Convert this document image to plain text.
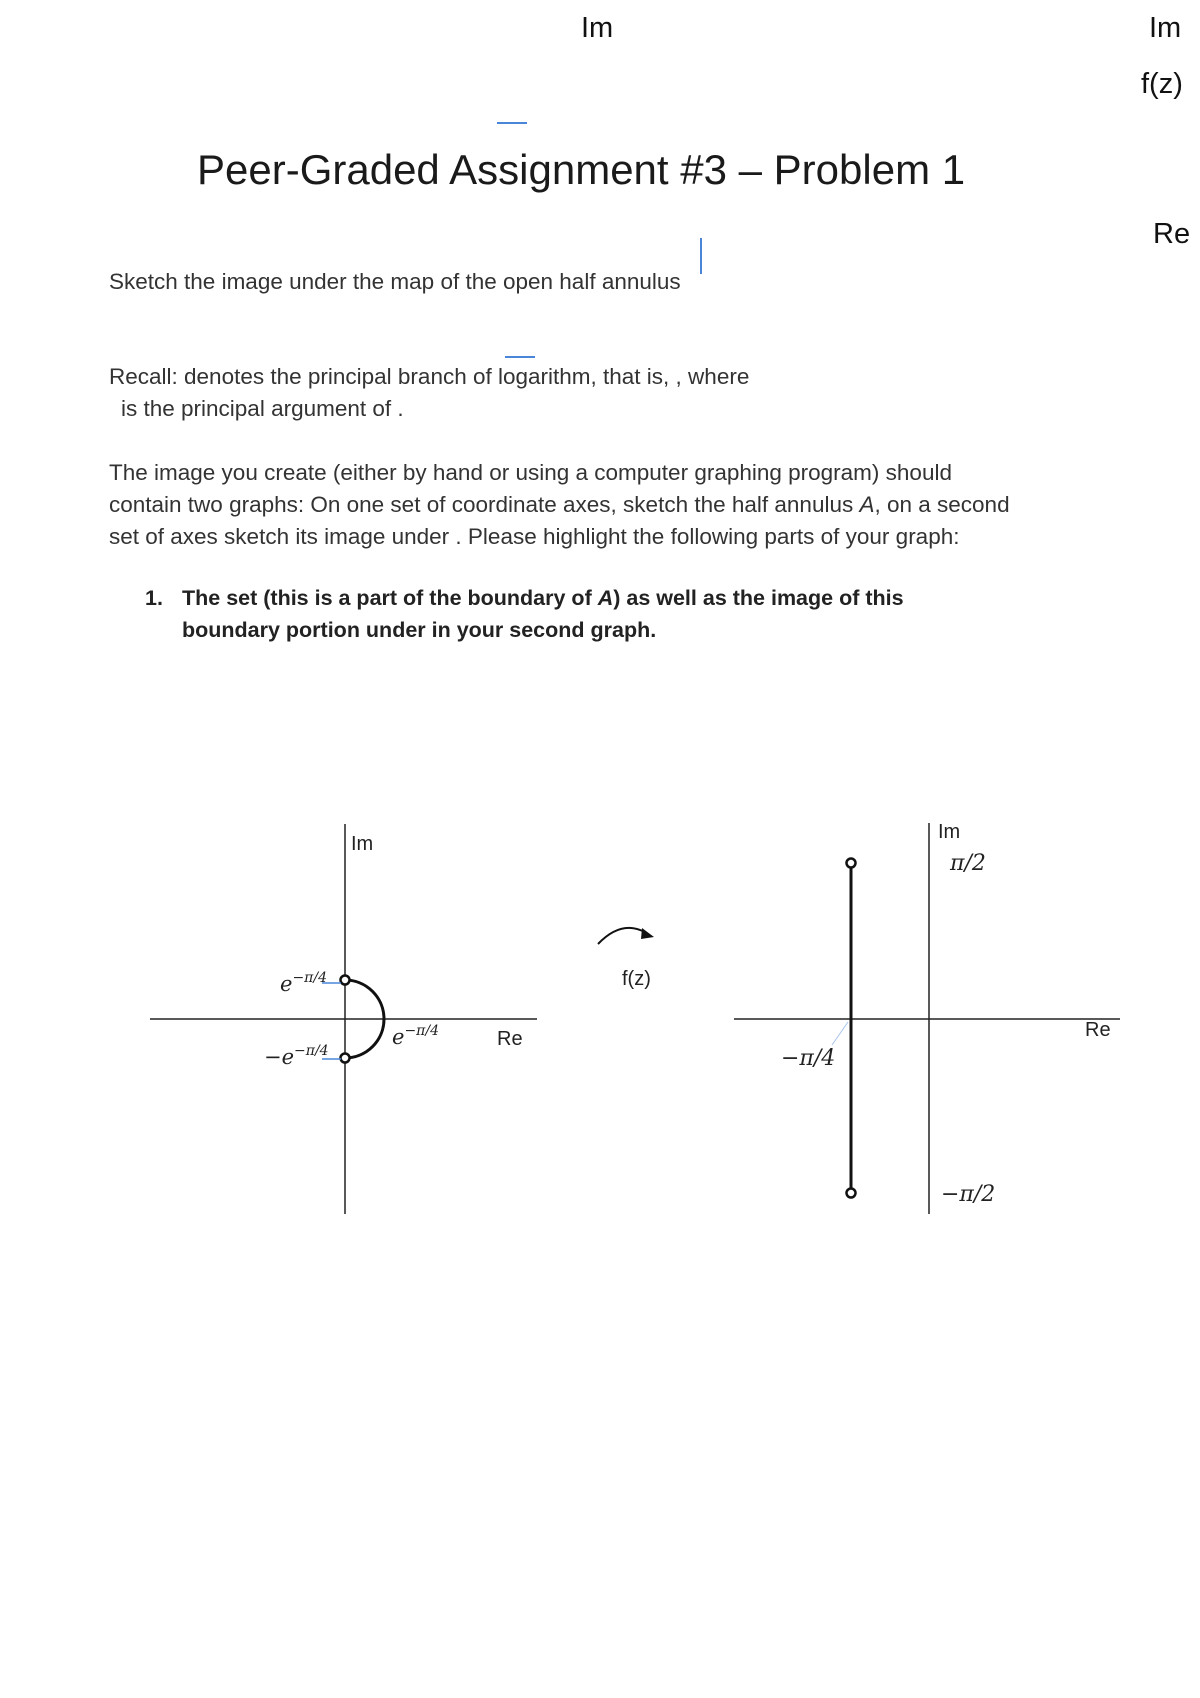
Im	Im
f(z)
Re
Peer-Graded Assignment #3 – Problem 1
Sketch the image under the map of the open half annulus
Recall: denotes the principal branch of logarithm, that is, , where
is the principal argument of .
The image you create (either by hand or using a computer graphing program) should
contain two graphs: On one set of coordinate axes, sketch the half annulus A, on a second
set of axes sketch its image under . Please highlight the following parts of your graph:
1. The set (this is a part of the boundary of A) as well as the image of this
boundary portion under in your second graph.
Im
Re
$e^{-\pi/4}$
$-e^{-\pi/4}$
$e^{-\pi/4}$
f(z)
Im
Re
π/2
−π/2
−π/4
